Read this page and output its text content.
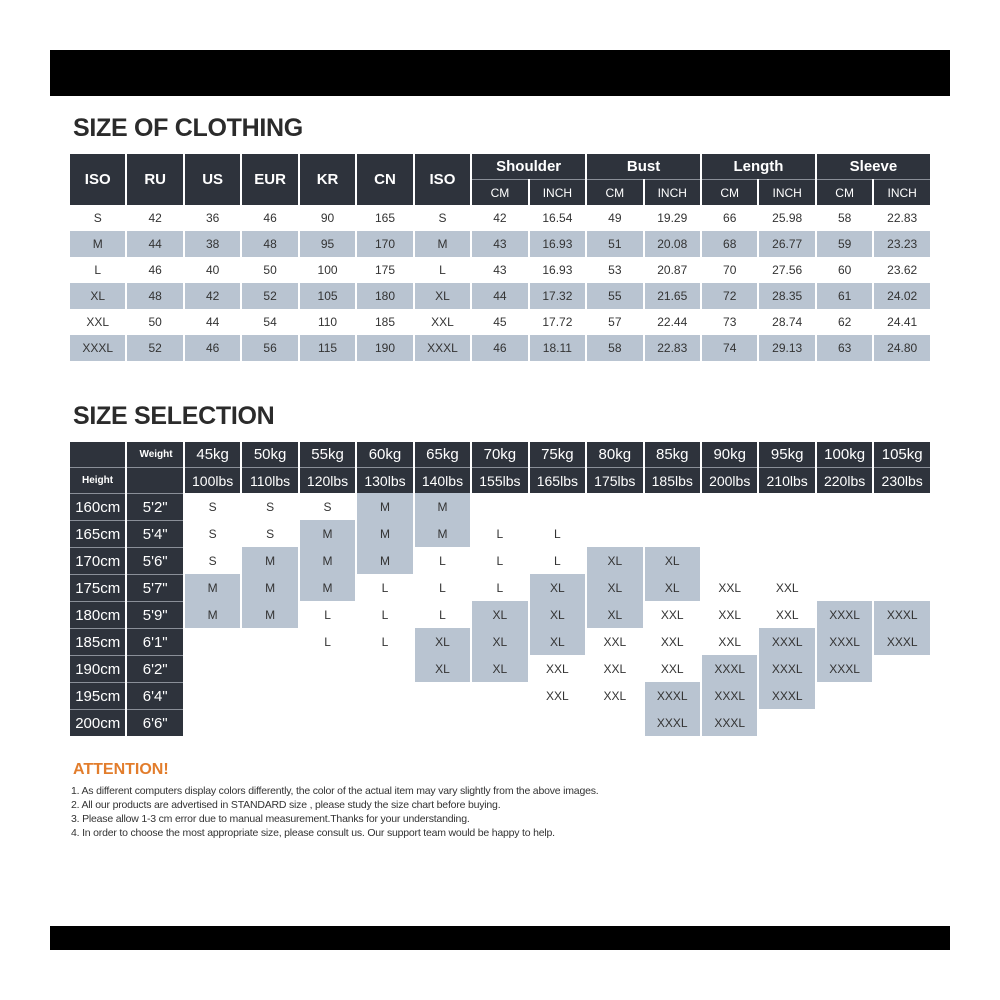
SIZE OF CLOTHING
ISO	RU	US	EUR	KR	CN	ISO	Shoulder		Bust		Length		Sleeve	
							CM	INCH	CM	INCH	CM	INCH	CM	INCH
S	42	36	46	90	165	S	42	16.54	49	19.29	66	25.98	58	22.83
M	44	38	48	95	170	M	43	16.93	51	20.08	68	26.77	59	23.23
L	46	40	50	100	175	L	43	16.93	53	20.87	70	27.56	60	23.62
XL	48	42	52	105	180	XL	44	17.32	55	21.65	72	28.35	61	24.02
XXL	50	44	54	110	185	XXL	45	17.72	57	22.44	73	28.74	62	24.41
XXXL	52	46	56	115	190	XXXL	46	18.11	58	22.83	74	29.13	63	24.80
SIZE SELECTION
	Weight	45kg	50kg	55kg	60kg	65kg	70kg	75kg	80kg	85kg	90kg	95kg	100kg	105kg
Height		100lbs	110lbs	120lbs	130lbs	140lbs	155lbs	165lbs	175lbs	185lbs	200lbs	210lbs	220lbs	230lbs
160cm	5'2"	S	S	S	M	M								
165cm	5'4"	S	S	M	M	M	L	L						
170cm	5'6"	S	M	M	M	L	L	L	XL	XL				
175cm	5'7"	M	M	M	L	L	L	XL	XL	XL	XXL	XXL		
180cm	5'9"	M	M	L	L	L	XL	XL	XL	XXL	XXL	XXL	XXXL	XXXL
185cm	6'1"			L	L	XL	XL	XL	XXL	XXL	XXL	XXXL	XXXL	XXXL
190cm	6'2"					XL	XL	XXL	XXL	XXL	XXXL	XXXL	XXXL	
195cm	6'4"							XXL	XXL	XXXL	XXXL	XXXL		
200cm	6'6"									XXXL	XXXL			
ATTENTION!
1. As different computers display colors differently, the color of the actual item may vary slightly from the above images.
2. All our products are advertised in STANDARD size , please study the size chart before buying.
3. Please allow 1-3 cm error due to manual measurement.Thanks for your understanding.
4. In order to choose the most appropriate size, please consult us. Our support team would be happy to help.
